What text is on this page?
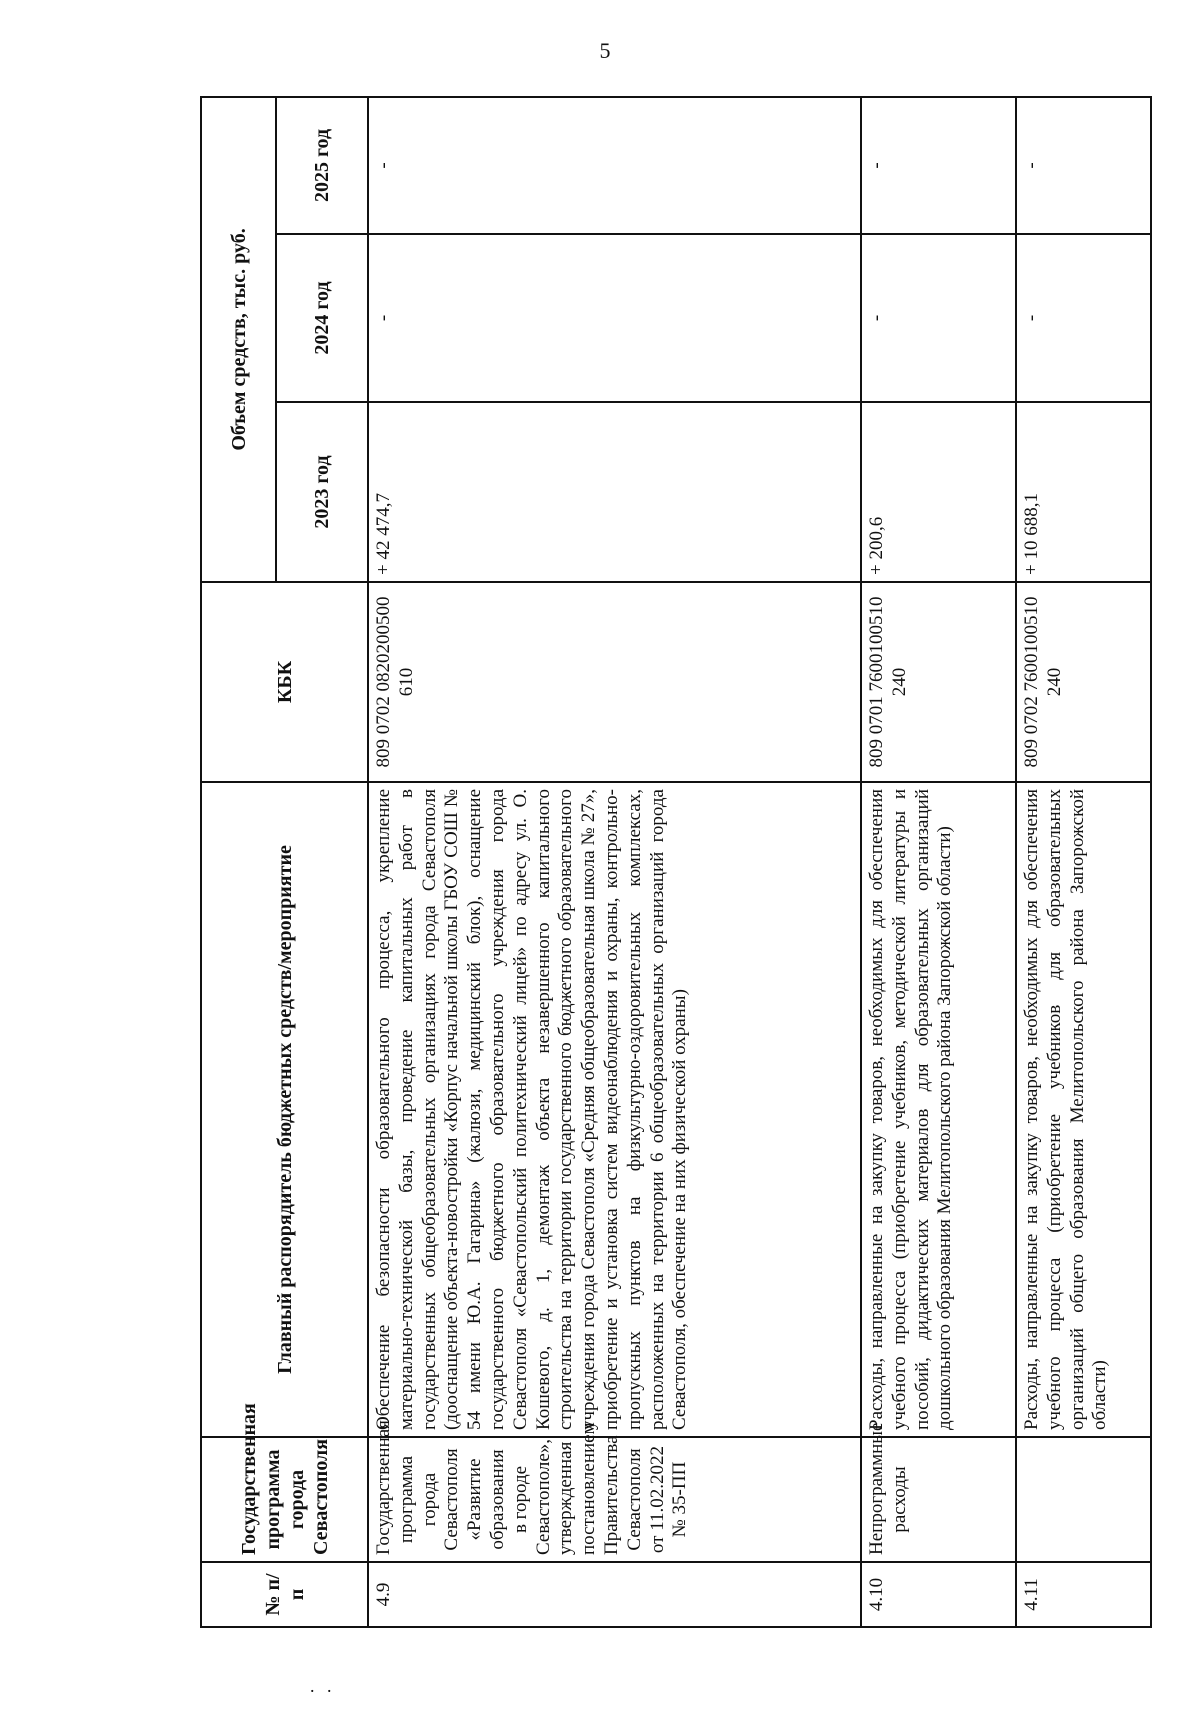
5
№ п/п	Государственная программа города Севастополя	Главный распорядитель бюджетных средств/мероприятие	КБК	Объем средств, тыс. руб.		
				2023 год	2024 год	2025 год
4.9	Государственная программа города Севастополя «Развитие образования в городе Севастополе», утвержденная постановлением Правительства Севастополя от 11.02.2022 № 35-ПП	Обеспечение безопасности образовательного процесса, укрепление материально-технической базы, проведение капитальных работ в государственных общеобразовательных организациях города Севастополя (дооснащение объекта-новостройки «Корпус начальной школы ГБОУ СОШ № 54 имени Ю.А. Гагарина» (жалюзи, медицинский блок), оснащение государственного бюджетного образовательного учреждения города Севастополя «Севастопольский политехнический лицей» по адресу ул. О. Кошевого, д. 1, демонтаж объекта незавершенного капитального строительства на территории государственного бюджетного образовательного учреждения города Севастополя «Средняя общеобразовательная школа № 27», приобретение и установка систем видеонаблюдения и охраны, контрольно-пропускных пунктов на физкультурно-оздоровительных комплексах, расположенных на территории 6 общеобразовательных организаций города Севастополя, обеспечение на них физической охраны)	809 0702 0820200500 610	+ 42 474,7	-	-
4.10	Непрограммные расходы	Расходы, направленные на закупку товаров, необходимых для обеспечения учебного процесса (приобретение учебников, методической литературы и пособий, дидактических материалов для образовательных организаций дошкольного образования Мелитопольского района Запорожской области)	809 0701 7600100510 240	+ 200,6	-	-
4.11		Расходы, направленные на закупку товаров, необходимых для обеспечения учебного процесса (приобретение учебников для образовательных организаций общего образования Мелитопольского района Запорожской области)	809 0702 7600100510 240	+ 10 688,1	-	-
. .
